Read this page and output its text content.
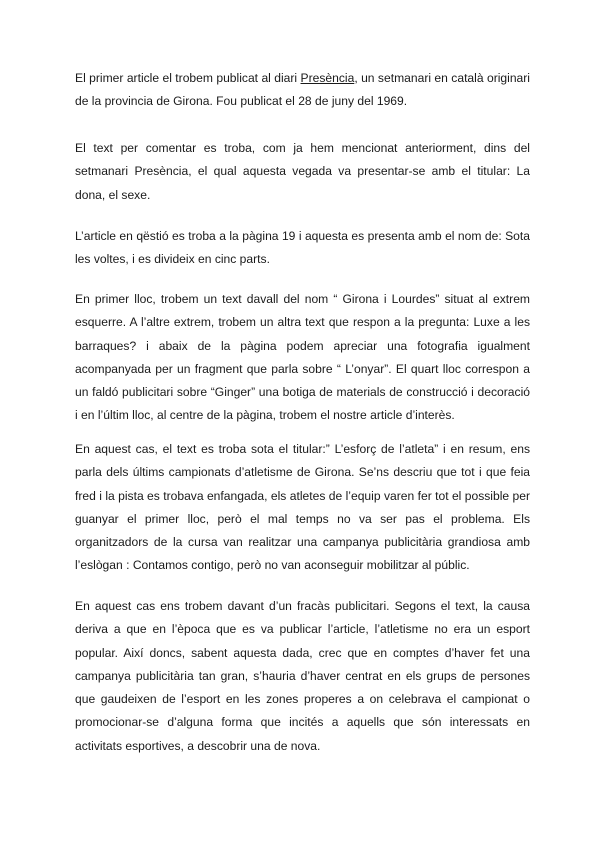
El primer article el trobem publicat al diari Presència, un setmanari en català originari de la provincia de Girona. Fou publicat el 28 de juny del 1969.

El text per comentar es troba, com ja hem mencionat anteriorment, dins del setmanari Presència, el qual aquesta vegada va presentar-se amb el titular: La dona, el sexe.

L’article en qëstió es troba a la pàgina 19 i aquesta es presenta amb el nom de: Sota les voltes, i es divideix en cinc parts.

En primer lloc, trobem un text davall del nom “ Girona i Lourdes” situat al extrem esquerre. A l’altre extrem, trobem un altra text que respon a la pregunta: Luxe a les barraques? i abaix de la pàgina podem apreciar una fotografia igualment acompanyada per un fragment que parla sobre “ L’onyar”. El quart lloc correspon a un faldó publicitari sobre “Ginger” una botiga de materials de construcció i decoració i en l’últim lloc, al centre de la pàgina, trobem el nostre article d’interès.

En aquest cas, el text es troba sota el titular:” L’esforç de l’atleta” i en resum, ens parla dels últims campionats d’atletisme de Girona. Se’ns descriu que tot i que feia fred i la pista es trobava enfangada, els atletes de l’equip varen fer tot el possible per guanyar el primer lloc, però el mal temps no va ser pas el problema. Els organitzadors de la cursa van realitzar una campanya publicitària grandiosa amb l’eslògan : Contamos contigo, però no van aconseguir mobilitzar al públic.

En aquest cas ens trobem davant d’un fracàs publicitari. Segons el text, la causa deriva a que en l’època que es va publicar l’article, l’atletisme no era un esport popular. Així doncs, sabent aquesta dada, crec que en comptes d’haver fet una campanya publicitària tan gran, s’hauria d’haver centrat en els grups de persones que gaudeixen de l’esport en les zones properes a on celebrava el campionat o promocionar-se d’alguna forma que incités a aquells que són interessats en activitats esportives, a descobrir una de nova.
